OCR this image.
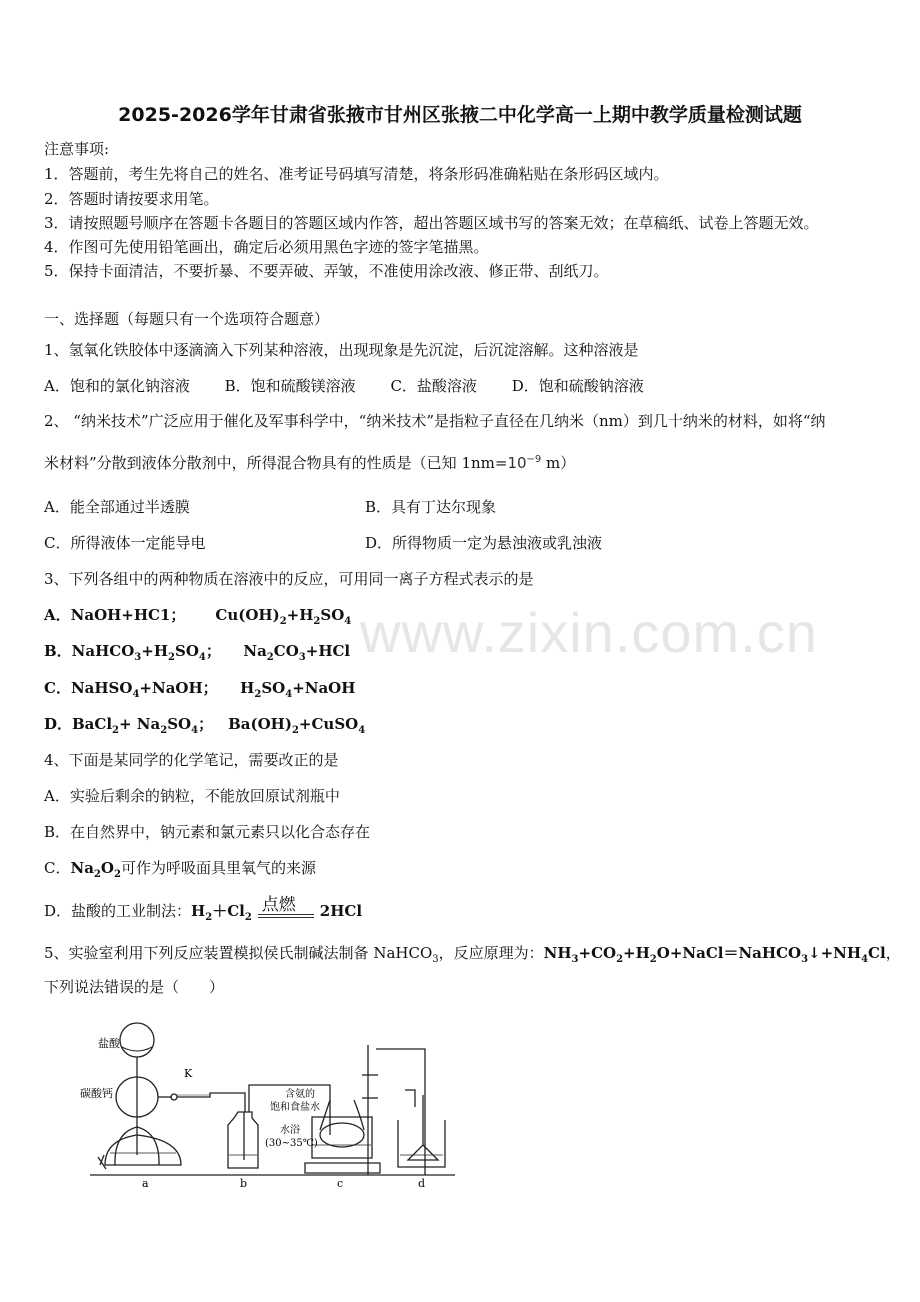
www.zixin.com.cn
2025-2026学年甘肃省张掖市甘州区张掖二中化学高一上期中教学质量检测试题
注意事项:
1．答题前，考生先将自己的姓名、准考证号码填写清楚，将条形码准确粘贴在条形码区域内。
2．答题时请按要求用笔。
3．请按照题号顺序在答题卡各题目的答题区域内作答，超出答题区域书写的答案无效；在草稿纸、试卷上答题无效。
4．作图可先使用铅笔画出，确定后必须用黑色字迹的签字笔描黑。
5．保持卡面清洁，不要折暴、不要弄破、弄皱，不准使用涂改液、修正带、刮纸刀。
一、选择题（每题只有一个选项符合题意）
1、氢氧化铁胶体中逐滴滴入下列某种溶液，出现现象是先沉淀，后沉淀溶解。这种溶液是
A．饱和的氯化钠溶液 B．饱和硫酸镁溶液 C．盐酸溶液 D．饱和硫酸钠溶液
2、 “纳米技术”广泛应用于催化及军事科学中，“纳米技术”是指粒子直径在几纳米（nm）到几十纳米的材料，如将“纳
米材料”分散到液体分散剂中，所得混合物具有的性质是（已知 $1nm=10^{-9}$ m）
A．能全部通过半透膜	B．具有丁达尔现象
C．所得液体一定能导电	D．所得物质一定为悬浊液或乳浊液
3、下列各组中的两种物质在溶液中的反应，可用同一离子方程式表示的是
A．NaOH+HC1；  $Cu(OH)_2+H_2SO_4$
B．$NaHCO_3+H_2SO_4$；  $Na_2CO_3+HCl$
C．NaHSO$_4$+NaOH；  $H_2SO_4+NaOH$
D．BaCl$_2$+ $Na_2SO_4$； $Ba(OH)_2+CuSO_4$
4、下面是某同学的化学笔记，需要改正的是
A．实验后剩余的钠粒，不能放回原试剂瓶中
B．在自然界中，钠元素和氯元素只以化合态存在
C．$Na_2O_2$可作为呼吸面具里氧气的来源
D．盐酸的工业制法：$H_2+Cl_2$
点燃 2HCl
5、实验室利用下列反应装置模拟侯氏制碱法制备 NaHCO$_3$，反应原理为：$NH_3+CO_2+H_2O+NaCl=NaHCO_3↓+NH_4Cl$，
下列说法错误的是（　　）
盐酸
碳酸钙
K
含氨的
饱和食盐水
水浴
(30~35℃)
a	b	c	d
